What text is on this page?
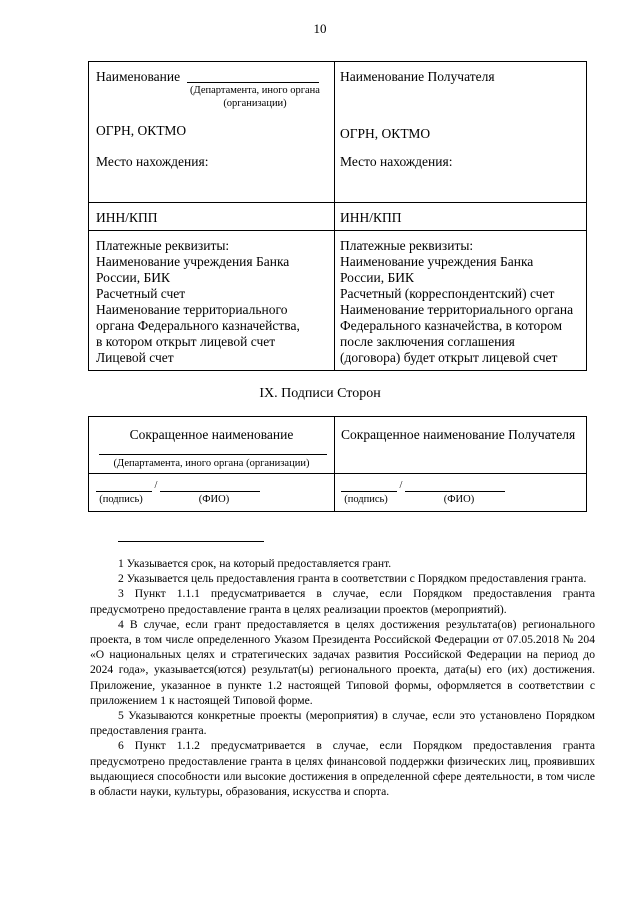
10
Наименование
(Департамента, иного органа
(организации)
ОГРН, ОКТМО
Место нахождения:
ИНН/КПП
Платежные реквизиты:
Наименование учреждения Банка
России, БИК
Расчетный счет
Наименование территориального
органа Федерального казначейства,
в котором открыт лицевой счет
Лицевой счет
Наименование Получателя
ОГРН, ОКТМО
Место нахождения:
ИНН/КПП
Платежные реквизиты:
Наименование учреждения Банка
России, БИК
Расчетный (корреспондентский) счет
Наименование территориального органа
Федерального казначейства, в котором
после заключения соглашения
(договора) будет открыт лицевой счет
IX. Подписи Сторон
Сокращенное наименование
(Департамента, иного органа (организации)
Сокращенное наименование Получателя
/
(подпись)	(ФИО)
/
(подпись)	(ФИО)

1 Указывается срок, на который предоставляется грант.

2 Указывается цель предоставления гранта в соответствии с Порядком предоставления гранта.

3 Пункт 1.1.1 предусматривается в случае, если Порядком предоставления гранта предусмотрено предоставление гранта в целях реализации проектов (мероприятий).

4 В случае, если грант предоставляется в целях достижения результата(ов) регионального проекта, в том числе определенного Указом Президента Российской Федерации от 07.05.2018 № 204 «О национальных целях и стратегических задачах развития Российской Федерации на период до 2024 года», указывается(ются) результат(ы) регионального проекта, дата(ы) его (их) достижения. Приложение, указанное в пункте 1.2 настоящей Типовой формы, оформляется в соответствии с приложением 1 к настоящей Типовой форме.

5 Указываются конкретные проекты (мероприятия) в случае, если это установлено Порядком предоставления гранта.

6 Пункт 1.1.2 предусматривается в случае, если Порядком предоставления гранта предусмотрено предоставление гранта в целях финансовой поддержки физических лиц, проявивших выдающиеся способности или высокие достижения в определенной сфере деятельности, в том числе в области науки, культуры, образования, искусства и спорта.
